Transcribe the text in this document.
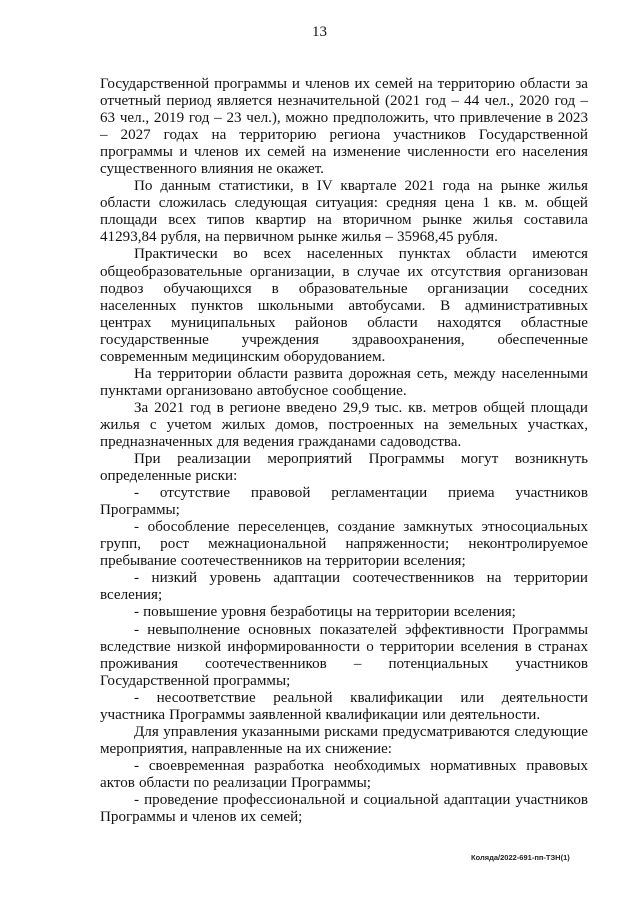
13

Государственной программы и членов их семей на территорию области за отчетный период является незначительной (2021 год – 44 чел., 2020 год – 63 чел., 2019 год – 23 чел.), можно предположить, что привлечение в 2023 – 2027 годах на территорию региона участников Государственной программы и членов их семей на изменение численности его населения существенного влияния не окажет.

По данным статистики, в IV квартале 2021 года на рынке жилья области сложилась следующая ситуация: средняя цена 1 кв. м. общей площади всех типов квартир на вторичном рынке жилья составила 41293,84 рубля, на первичном рынке жилья – 35968,45 рубля.

Практически во всех населенных пунктах области имеются общеобразовательные организации, в случае их отсутствия организован подвоз обучающихся в образовательные организации соседних населенных пунктов школьными автобусами. В административных центрах муниципальных районов области находятся областные государственные учреждения здравоохранения, обеспеченные современным медицинским оборудованием.

На территории области развита дорожная сеть, между населенными пунктами организовано автобусное сообщение.

За 2021 год в регионе введено 29,9 тыс. кв. метров общей площади жилья с учетом жилых домов, построенных на земельных участках, предназначенных для ведения гражданами садоводства.

При реализации мероприятий Программы могут возникнуть определенные риски:

- отсутствие правовой регламентации приема участников Программы;

- обособление переселенцев, создание замкнутых этносоциальных групп, рост межнациональной напряженности; неконтролируемое пребывание соотечественников на территории вселения;

- низкий уровень адаптации соотечественников на территории вселения;

- повышение уровня безработицы на территории вселения;

- невыполнение основных показателей эффективности Программы вследствие низкой информированности о территории вселения в странах проживания соотечественников – потенциальных участников Государственной программы;

- несоответствие реальной квалификации или деятельности участника Программы заявленной квалификации или деятельности.

Для управления указанными рисками предусматриваются следующие мероприятия, направленные на их снижение:

- своевременная разработка необходимых нормативных правовых актов области по реализации Программы;

- проведение профессиональной и социальной адаптации участников Программы и членов их семей;

Коляда/2022-691-пп-ТЗН(1)
